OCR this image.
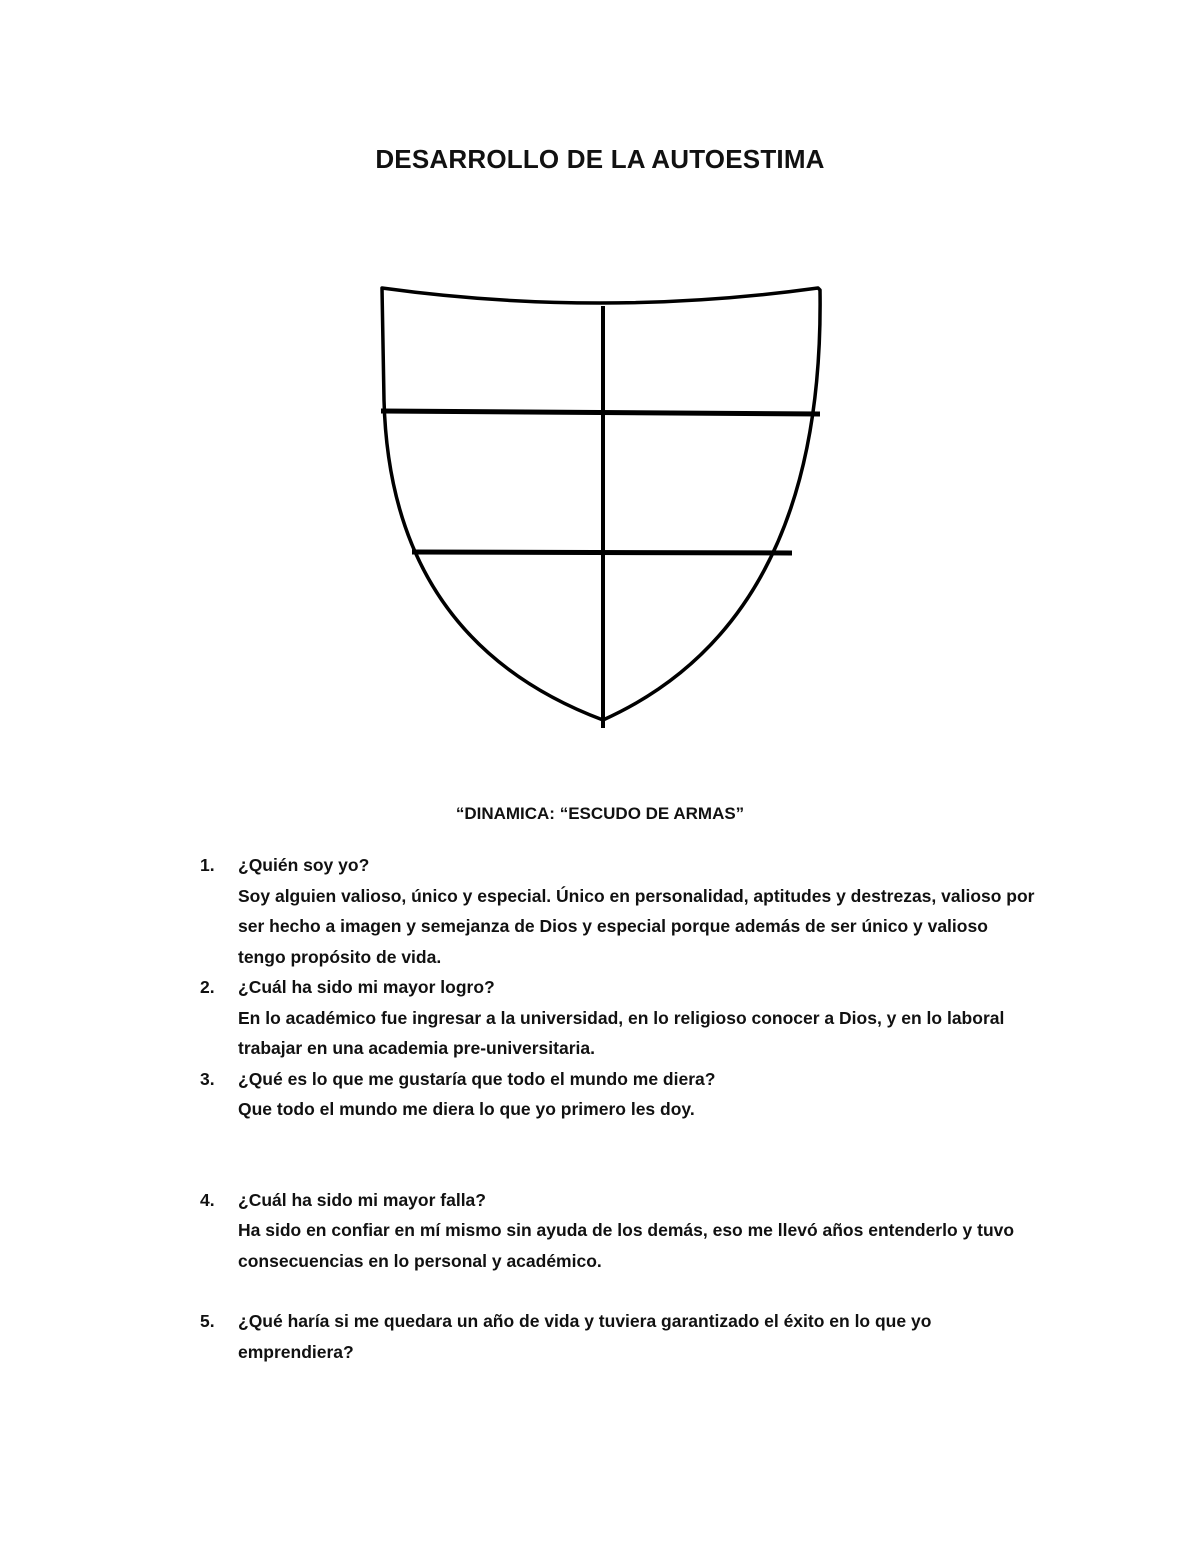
DESARROLLO DE LA AUTOESTIMA
“DINAMICA: “ESCUDO DE ARMAS”
1. ¿Quién soy yo?
Soy alguien valioso, único y especial. Único en personalidad, aptitudes y destrezas, valioso por ser hecho a imagen y semejanza de Dios y especial porque además de ser único y valioso tengo propósito de vida.
2. ¿Cuál ha sido mi mayor logro?
En lo académico fue ingresar a la universidad, en lo religioso conocer a Dios, y en lo laboral trabajar en una academia pre-universitaria.
3. ¿Qué es lo que me gustaría que todo el mundo me diera?
Que todo el mundo me diera lo que yo primero les doy.
4. ¿Cuál ha sido mi mayor falla?
Ha sido en confiar en mí mismo sin ayuda de los demás, eso me llevó años entenderlo y tuvo consecuencias en lo personal y académico.
5. ¿Qué haría si me quedara un año de vida y tuviera garantizado el éxito en lo que yo emprendiera?
